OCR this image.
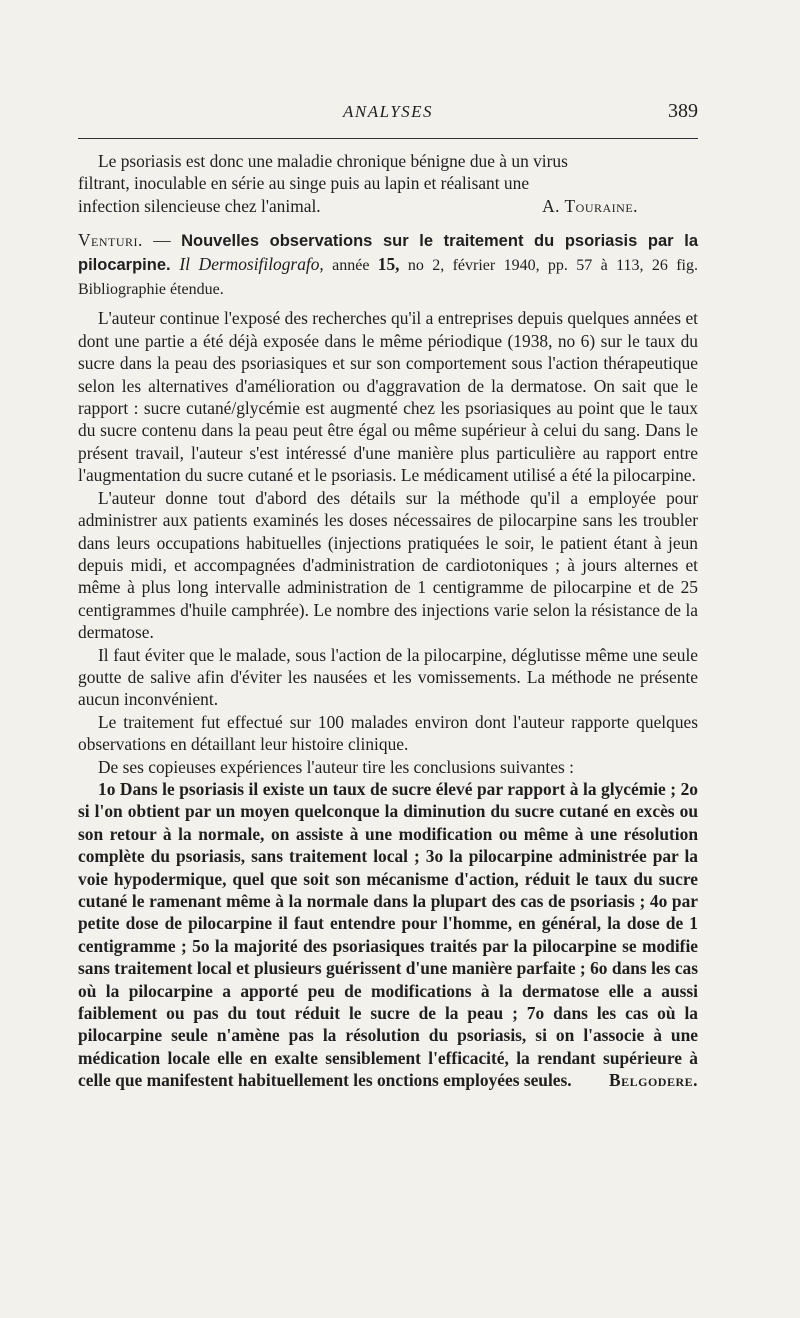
ANALYSES	389

Le psoriasis est donc une maladie chronique bénigne due à un virus

filtrant, inoculable en série au singe puis au lapin et réalisant une

infection silencieuse chez l'animal.	A. Touraine.

Venturi. — Nouvelles observations sur le traitement du psoriasis par la pilocarpine. Il Dermosifilografo, année 15, no 2, février 1940, pp. 57 à 113, 26 fig. Bibliographie étendue.

L'auteur continue l'exposé des recherches qu'il a entreprises depuis quelques années et dont une partie a été déjà exposée dans le même périodique (1938, no 6) sur le taux du sucre dans la peau des psoriasiques et sur son comportement sous l'action thérapeutique selon les alternatives d'amélioration ou d'aggravation de la dermatose. On sait que le rapport : sucre cutané/glycémie est augmenté chez les psoriasiques au point que le taux du sucre contenu dans la peau peut être égal ou même supérieur à celui du sang. Dans le présent travail, l'auteur s'est intéressé d'une manière plus particulière au rapport entre l'augmentation du sucre cutané et le psoriasis. Le médicament utilisé a été la pilocarpine.

L'auteur donne tout d'abord des détails sur la méthode qu'il a employée pour administrer aux patients examinés les doses nécessaires de pilocarpine sans les troubler dans leurs occupations habituelles (injections pratiquées le soir, le patient étant à jeun depuis midi, et accompagnées d'administration de cardiotoniques ; à jours alternes et même à plus long intervalle administration de 1 centigramme de pilocarpine et de 25 centigrammes d'huile camphrée). Le nombre des injections varie selon la résistance de la dermatose.

Il faut éviter que le malade, sous l'action de la pilocarpine, déglutisse même une seule goutte de salive afin d'éviter les nausées et les vomissements. La méthode ne présente aucun inconvénient.

Le traitement fut effectué sur 100 malades environ dont l'auteur rapporte quelques observations en détaillant leur histoire clinique.

De ses copieuses expériences l'auteur tire les conclusions suivantes :

1o Dans le psoriasis il existe un taux de sucre élevé par rapport à la glycémie ; 2o si l'on obtient par un moyen quelconque la diminution du sucre cutané en excès ou son retour à la normale, on assiste à une modification ou même à une résolution complète du psoriasis, sans traitement local ; 3o la pilocarpine administrée par la voie hypodermique, quel que soit son mécanisme d'action, réduit le taux du sucre cutané le ramenant même à la normale dans la plupart des cas de psoriasis ; 4o par petite dose de pilocarpine il faut entendre pour l'homme, en général, la dose de 1 centigramme ; 5o la majorité des psoriasiques traités par la pilocarpine se modifie sans traitement local et plusieurs guérissent d'une manière parfaite ; 6o dans les cas où la pilocarpine a apporté peu de modifications à la dermatose elle a aussi faiblement ou pas du tout réduit le sucre de la peau ; 7o dans les cas où la pilocarpine seule n'amène pas la résolution du psoriasis, si on l'associe à une médication locale elle en exalte sensiblement l'efficacité, la rendant supérieure à celle que manifestent habituellement les onctions employées seules.	Belgodere.
